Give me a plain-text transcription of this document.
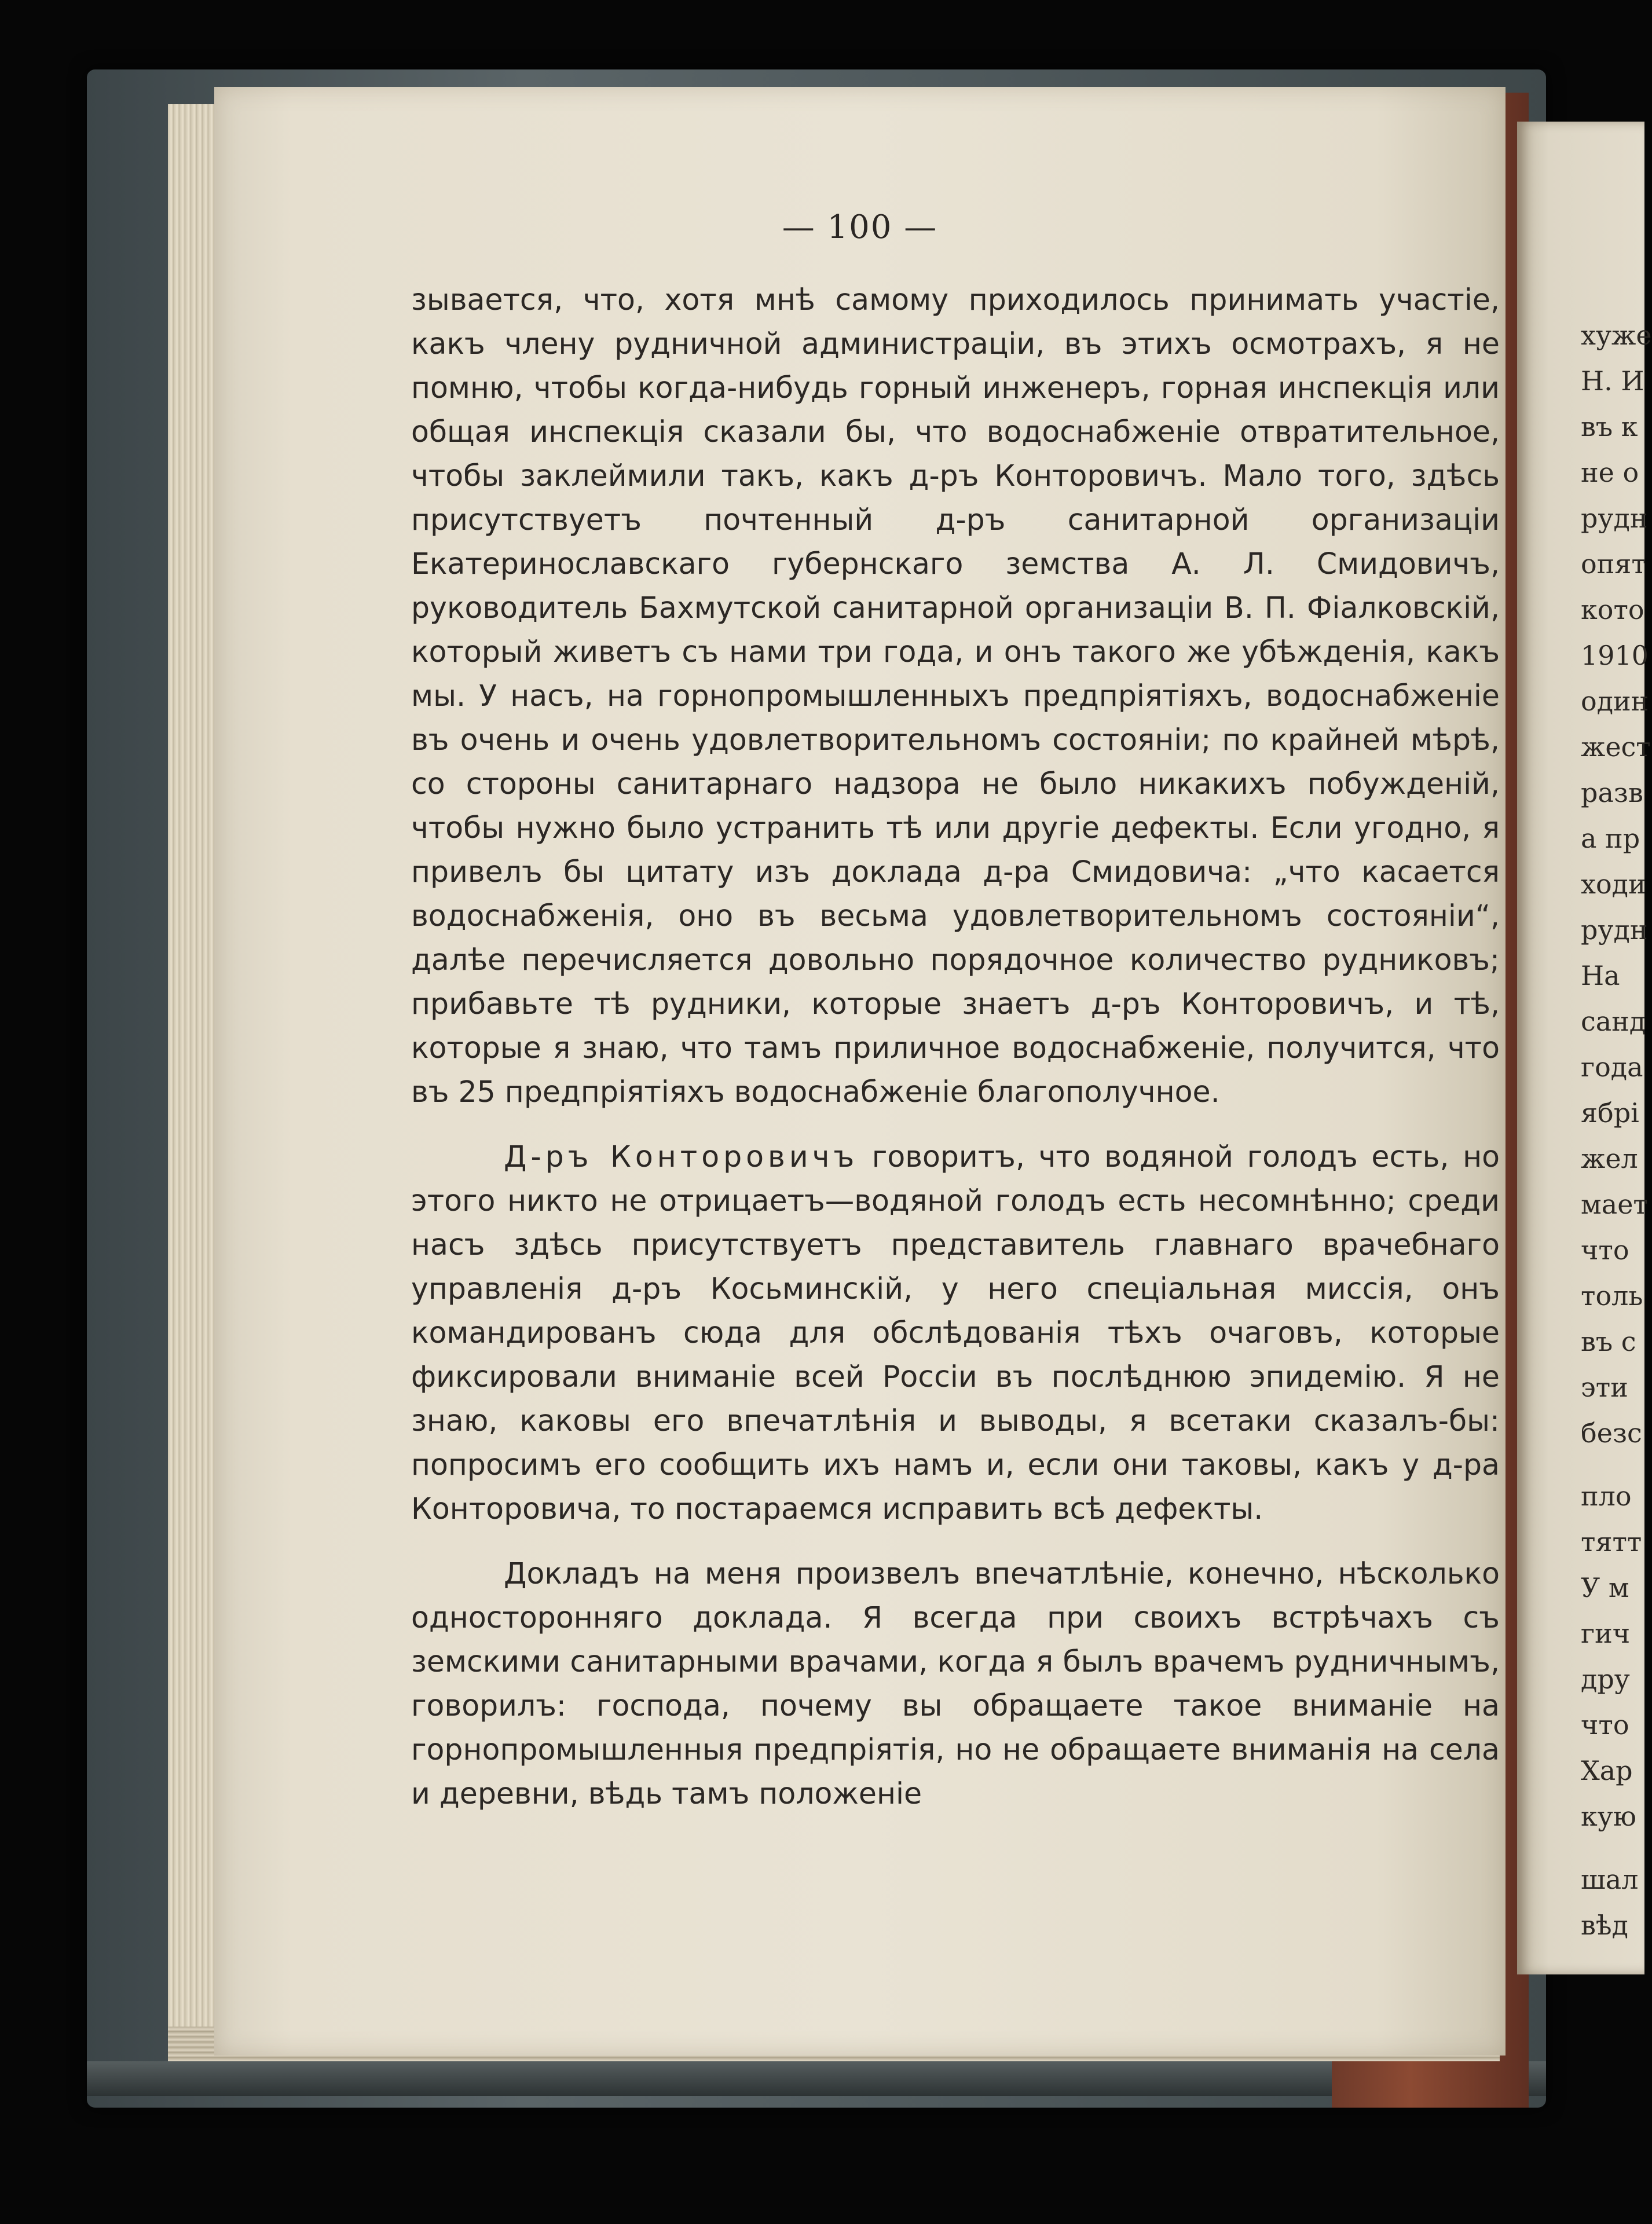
хуже
Н. И
въ к
не о
рудн
опят
кото
1910
один
жест
разв
а пр
ходи
рудн
На
санд
года
ябрі
жел
мает
что
толь
въ с
эти
безс
пло
тятт
У м
гич
дру
что
Хар
кую
шал
вѣд
— 100 —

зывается, что, хотя мнѣ самому приходилось принимать участіе, какъ члену рудничной администраціи, въ этихъ осмотрахъ, я не помню, чтобы когда-нибудь горный инженеръ, горная инспекція или общая инспекція сказали бы, что водоснабженіе отвратительное, чтобы заклеймили такъ, какъ д-ръ Конторовичъ. Мало того, здѣсь присутствуетъ почтенный д-ръ санитарной организаціи Екатеринославскаго губернскаго земства А. Л. Смидовичъ, руководитель Бахмутской санитарной организаціи В. П. Фіалковскій, который живетъ съ нами три года, и онъ такого же убѣжденія, какъ мы. У насъ, на горнопромышленныхъ предпріятіяхъ, водоснабженіе въ очень и очень удовлетворительномъ состояніи; по крайней мѣрѣ, со стороны санитарнаго надзора не было никакихъ побужденій, чтобы нужно было устранить тѣ или другіе дефекты. Если угодно, я привелъ бы цитату изъ доклада д-ра Смидовича: „что касается водоснабженія, оно въ весьма удовлетворительномъ состояніи“, далѣе перечисляется довольно порядочное количество рудниковъ; прибавьте тѣ рудники, которые знаетъ д-ръ Конторовичъ, и тѣ, которые я знаю, что тамъ приличное водоснабженіе, получится, что въ 25 предпріятіяхъ водоснабженіе благополучное.

Д-ръ Конторовичъ говоритъ, что водяной голодъ есть, но этого никто не отрицаетъ—водяной голодъ есть несомнѣнно; среди насъ здѣсь присутствуетъ представитель главнаго врачебнаго управленія д-ръ Косьминскій, у него спеціальная миссія, онъ командированъ сюда для обслѣдованія тѣхъ очаговъ, которые фиксировали вниманіе всей Россіи въ послѣднюю эпидемію. Я не знаю, каковы его впечатлѣнія и выводы, я всетаки сказалъ-бы: попросимъ его сообщить ихъ намъ и, если они таковы, какъ у д-ра Конторовича, то постараемся исправить всѣ дефекты.

Докладъ на меня произвелъ впечатлѣніе, конечно, нѣсколько односторонняго доклада. Я всегда при своихъ встрѣчахъ съ земскими санитарными врачами, когда я былъ врачемъ рудничнымъ, говорилъ: господа, почему вы обращаете такое вниманіе на горнопромышленныя предпріятія, но не обращаете вниманія на села и деревни, вѣдь тамъ положеніе
